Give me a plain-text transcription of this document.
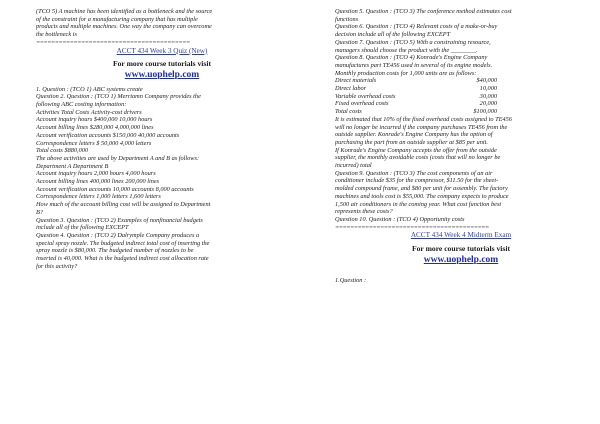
(TCO 5) A machine has been identified as a bottleneck and the source
of the constraint for a manufacturing company that has multiple
products and multiple machines. One way the company can overcome
the bottleneck is
=========================================
ACCT 434 Week 3 Quiz (New)
For more course tutorials visit
www.uophelp.com
1. Question : (TCO 1) ABC systems create
Question 2. Question : (TCO 1) Merriamn Company provides the
following ABC costing information:
Activities Total Costs Activity-cost drivers
Account inquiry hours $400,000 10,000 hours
Account billing lines $280,000 4,000,000 lines
Account verification accounts $150,000 40,000 accounts
Correspondence letters $ 50,000 4,000 letters
Total costs $880,000
The above activities are used by Department A and B as follows:
Department A Department B
Account inquiry hours 2,000 hours 4,000 hours
Account billing lines 400,000 lines 200,000 lines
Account verification accounts 10,000 accounts 8,000 accounts
Correspondence letters 1,000 letters 1,600 letters
How much of the account billing cost will be assigned to Department
B?
Question 3. Question : (TCO 2) Examples of nonfinancial budgets
include all of the following EXCEPT
Question 4. Question : (TCO 2) Dalrymple Company produces a
special spray nozzle. The budgeted indirect total cost of inserting the
spray nozzle is $80,000. The budgeted number of nozzles to be
inserted is 40,000. What is the budgeted indirect cost allocation rate
for this activity?
Question 5. Question : (TCO 3) The conference method estimates cost
functions
Question 6. Question : (TCO 4) Relevant costs of a make-or-buy
decision include all of the following EXCEPT
Question 7. Question : (TCO 5) With a constraining resource,
managers should choose the product with the ________.
Question 8. Question : (TCO 4) Konrade's Engine Company
manufactures part TE456 used in several of its engine models.
Monthly production costs for 1,000 units are as follows:
Direct materials	$40,000
Direct labor	10,000
Variable overhead costs	30,000
Fixed overhead costs	20,000
Total costs	$100,000
It is estimated that 10% of the fixed overhead costs assigned to TE456
will no longer be incurred if the company purchases TE456 from the
outside supplier. Konrade's Engine Company has the option of
purchasing the part from an outside supplier at $85 per unit.
If Konrade's Engine Company accepts the offer from the outside
supplier, the monthly avoidable costs (costs that will no longer be
incurred) total
Question 9. Question : (TCO 3) The cost components of an air
conditioner include $35 for the compressor, $11.50 for the sheet-
molded compound frame, and $80 per unit for assembly. The factory
machines and tools cost is $55,000. The company expects to produce
1,500 air conditioners in the coming year. What cost function best
represents these costs?
Question 10. Question : (TCO 4) Opportunity costs
=========================================
ACCT 434 Week 4 Midterm Exam
For more course tutorials visit
www.uophelp.com
1.Question :
